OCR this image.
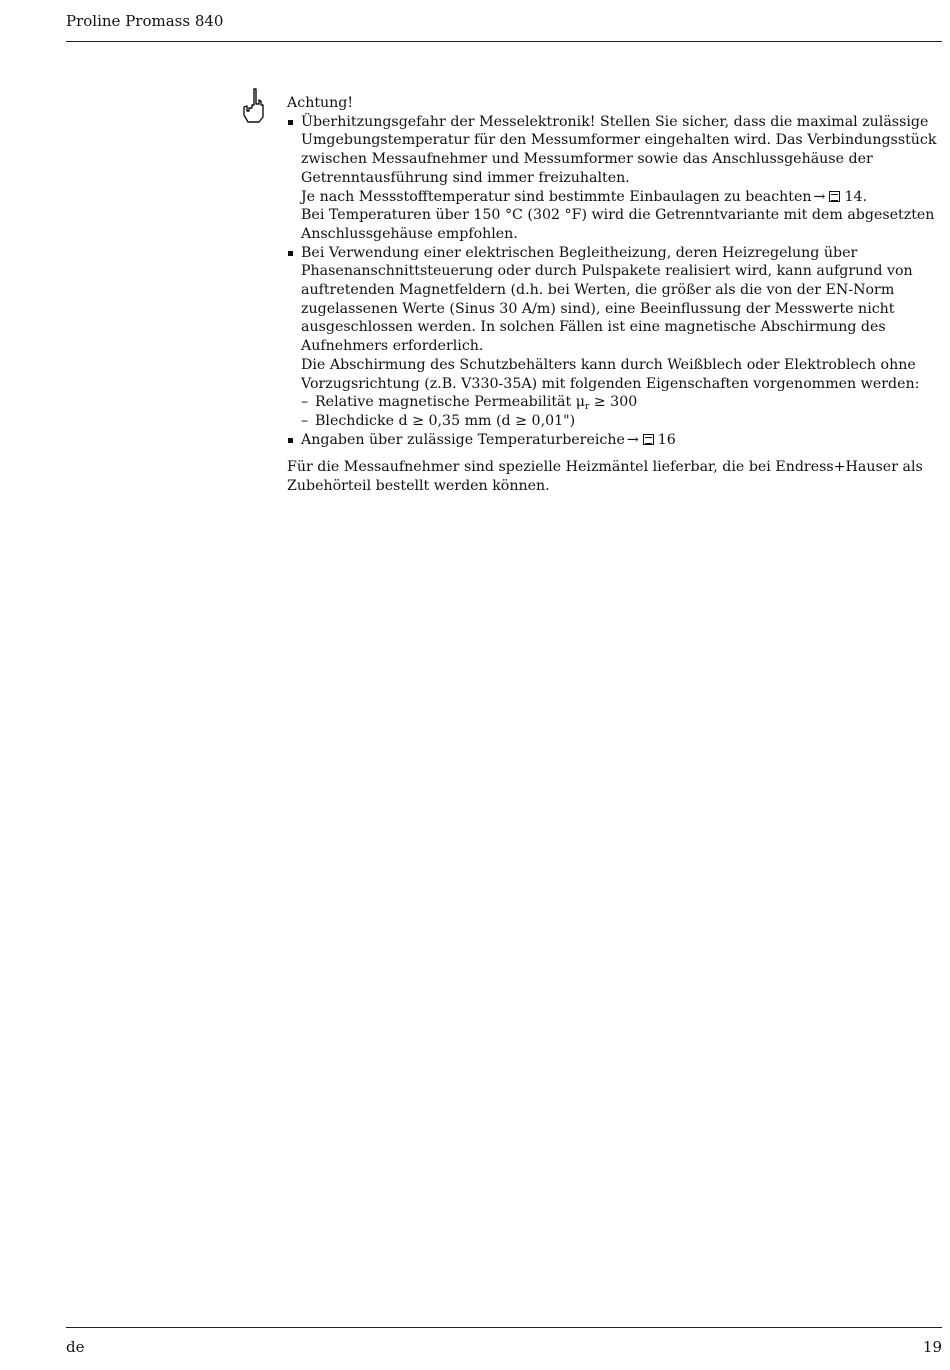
Proline Promass 840

Achtung!

Überhitzungsgefahr der Messelektronik! Stellen Sie sicher, dass die maximal zulässige Umgebungstemperatur für den Messumformer eingehalten wird. Das Verbindungsstück zwischen Messaufnehmer und Messumformer sowie das Anschlussgehäuse der Getrenntausführung sind immer freizuhalten.
Je nach Messstofftemperatur sind bestimmte Einbaulagen zu beachten → 14.
Bei Temperaturen über 150 °C (302 °F) wird die Getrenntvariante mit dem abgesetzten Anschlussgehäuse empfohlen.
Bei Verwendung einer elektrischen Begleitheizung, deren Heizregelung über Phasenanschnittsteuerung oder durch Pulspakete realisiert wird, kann aufgrund von auftretenden Magnetfeldern (d.h. bei Werten, die größer als die von der EN-Norm zugelassenen Werte (Sinus 30 A/m) sind), eine Beeinflussung der Messwerte nicht ausgeschlossen werden. In solchen Fällen ist eine magnetische Abschirmung des Aufnehmers erforderlich.
Die Abschirmung des Schutzbehälters kann durch Weißblech oder Elektroblech ohne Vorzugsrichtung (z.B. V330-35A) mit folgenden Eigenschaften vorgenommen werden:
– Relative magnetische Permeabilität $\mu_r \ge 300$
– Blechdicke d ≥ 0,35 mm (d ≥ 0,01")
Angaben über zulässige Temperaturbereiche → 16

Für die Messaufnehmer sind spezielle Heizmäntel lieferbar, die bei Endress+Hauser als Zubehörteil bestellt werden können.

de	19
